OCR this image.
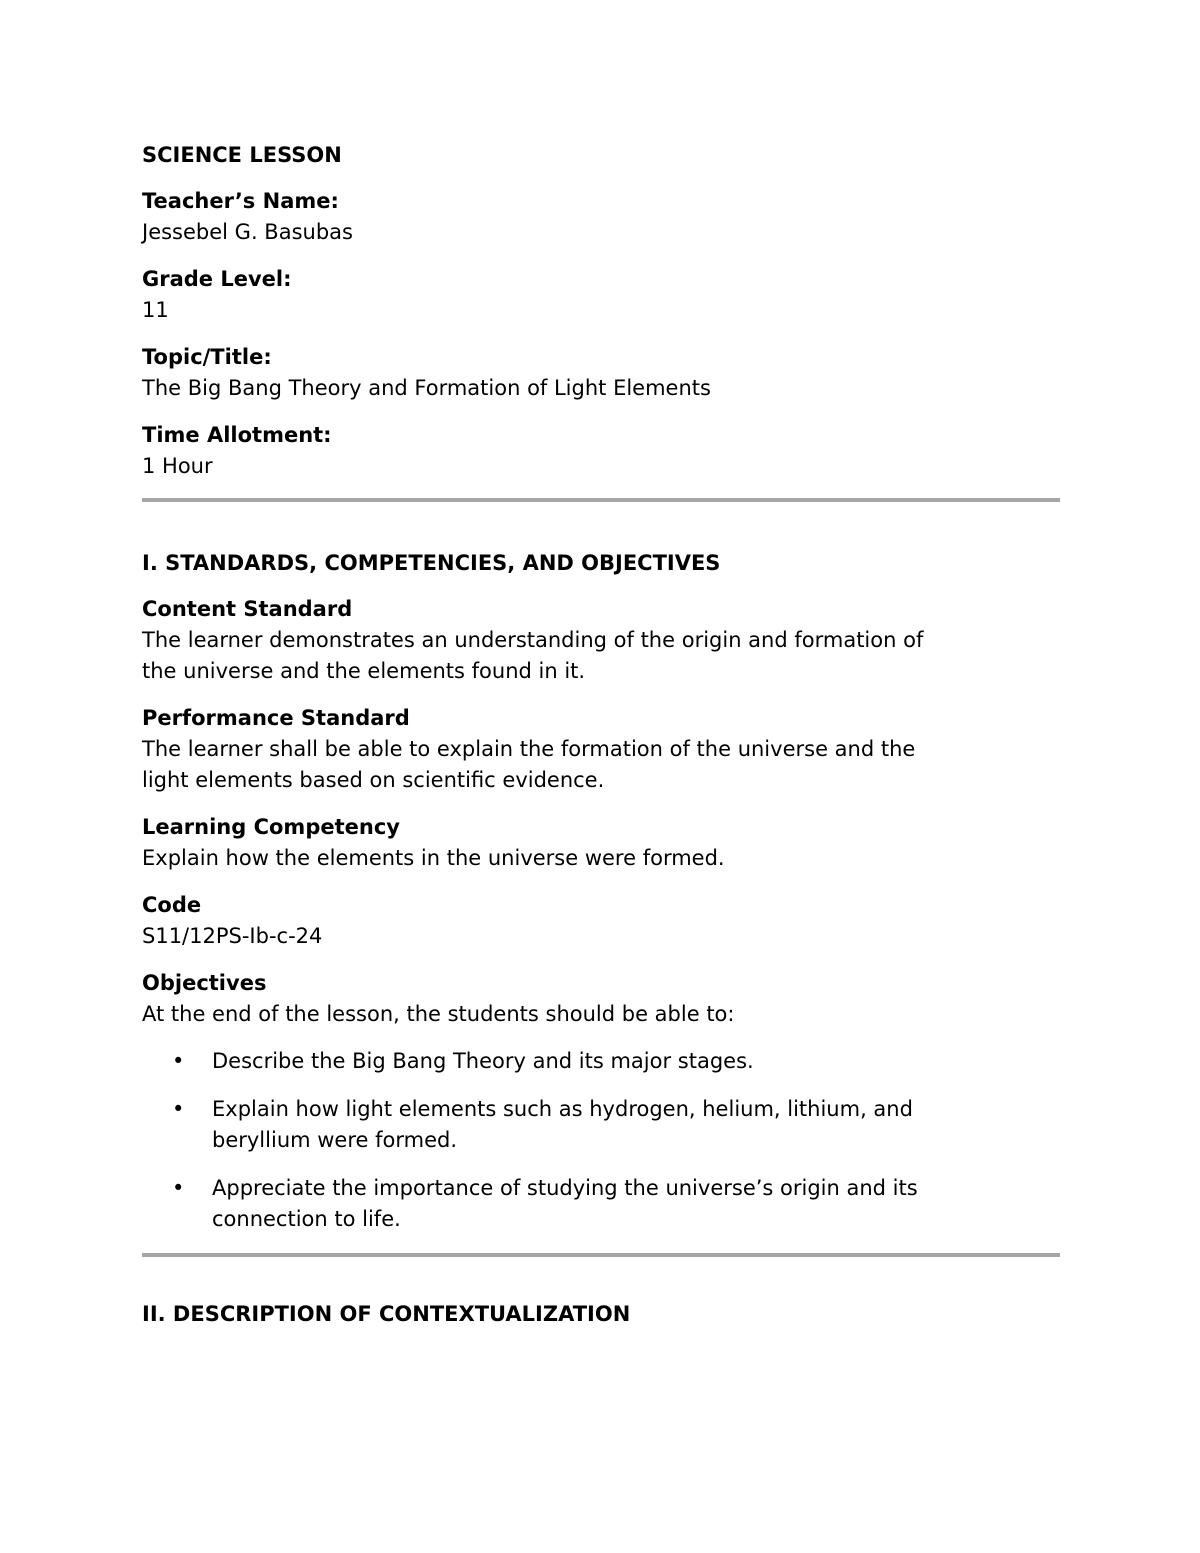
SCIENCE LESSON
Teacher’s Name:
Jessebel G. Basubas
Grade Level:
11
Topic/Title:
The Big Bang Theory and Formation of Light Elements
Time Allotment:
1 Hour
I. STANDARDS, COMPETENCIES, AND OBJECTIVES
Content Standard
The learner demonstrates an understanding of the origin and formation of
the universe and the elements found in it.
Performance Standard
The learner shall be able to explain the formation of the universe and the
light elements based on scientific evidence.
Learning Competency
Explain how the elements in the universe were formed.
Code
S11/12PS-Ib-c-24
Objectives
At the end of the lesson, the students should be able to:
•	Describe the Big Bang Theory and its major stages.
•	Explain how light elements such as hydrogen, helium, lithium, and
beryllium were formed.
•	Appreciate the importance of studying the universe’s origin and its
connection to life.
II. DESCRIPTION OF CONTEXTUALIZATION
